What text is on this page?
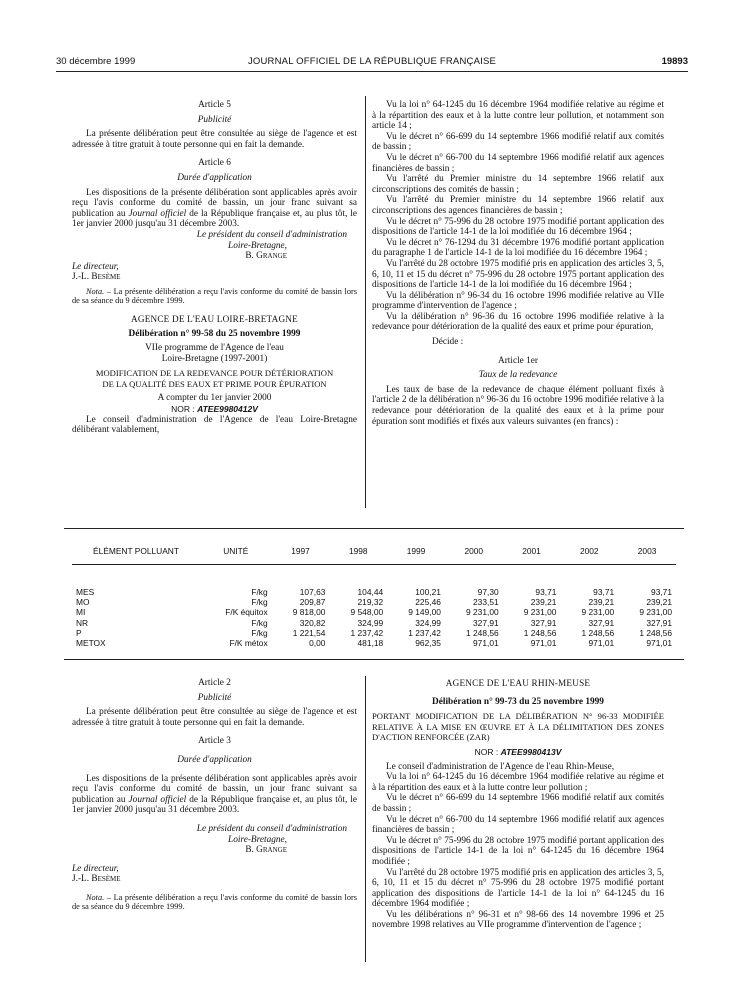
30 décembre 1999	JOURNAL OFFICIEL DE LA RÉPUBLIQUE FRANÇAISE	19893

Article 5

Publicité

La présente délibération peut être consultée au siège de l'agence et est adressée à titre gratuit à toute personne qui en fait la demande.

Article 6

Durée d'application

Les dispositions de la présente délibération sont applicables après avoir reçu l'avis conforme du comité de bassin, un jour franc suivant sa publication au Journal officiel de la République française et, au plus tôt, le 1er janvier 2000 jusqu'au 31 décembre 2003.

Le président du conseil d'administration

Loire-Bretagne,

B. Grange

Le directeur,

J.-L. Besème

Nota. – La présente délibération a reçu l'avis conforme du comité de bassin lors de sa séance du 9 décembre 1999.

AGENCE DE L'EAU LOIRE-BRETAGNE

Délibération n° 99-58 du 25 novembre 1999

VIIe programme de l'Agence de l'eau

Loire-Bretagne (1997-2001)

MODIFICATION DE LA REDEVANCE POUR DÉTÉRIORATION

DE LA QUALITÉ DES EAUX ET PRIME POUR ÉPURATION

A compter du 1er janvier 2000

NOR : ATEE9980412V

Le conseil d'administration de l'Agence de l'eau Loire-Bretagne délibérant valablement,

Vu la loi n° 64-1245 du 16 décembre 1964 modifiée relative au régime et à la répartition des eaux et à la lutte contre leur pollution, et notamment son article 14 ;

Vu le décret n° 66-699 du 14 septembre 1966 modifié relatif aux comités de bassin ;

Vu le décret n° 66-700 du 14 septembre 1966 modifié relatif aux agences financières de bassin ;

Vu l'arrêté du Premier ministre du 14 septembre 1966 relatif aux circonscriptions des comités de bassin ;

Vu l'arrêté du Premier ministre du 14 septembre 1966 relatif aux circonscriptions des agences financières de bassin ;

Vu le décret n° 75-996 du 28 octobre 1975 modifié portant application des dispositions de l'article 14-1 de la loi modifiée du 16 décembre 1964 ;

Vu le décret n° 76-1294 du 31 décembre 1976 modifié portant application du paragraphe 1 de l'article 14-1 de la loi modifiée du 16 décembre 1964 ;

Vu l'arrêté du 28 octobre 1975 modifié pris en application des articles 3, 5, 6, 10, 11 et 15 du décret n° 75-996 du 28 octobre 1975 portant application des dispositions de l'article 14-1 de la loi modifiée du 16 décembre 1964 ;

Vu la délibération n° 96-34 du 16 octobre 1996 modifiée relative au VIIe programme d'intervention de l'agence ;

Vu la délibération n° 96-36 du 16 octobre 1996 modifiée relative à la redevance pour détérioration de la qualité des eaux et prime pour épuration,

Décide :

Article 1er

Taux de la redevance

Les taux de base de la redevance de chaque élément polluant fixés à l'article 2 de la délibération n° 96-36 du 16 octobre 1996 modifiée relative à la redevance pour détérioration de la qualité des eaux et à la prime pour épuration sont modifiés et fixés aux valeurs suivantes (en francs) :

ÉLÉMENT POLLUANT	UNITÉ	1997	1998	1999	2000	2001	2002	2003
MES	F/kg	107,63	104,44	100,21	97,30	93,71	93,71	93,71
MO	F/kg	209,87	219,32	225,46	233,51	239,21	239,21	239,21
MI	F/K équitox	9 818,00	9 548,00	9 149,00	9 231,00	9 231,00	9 231,00	9 231,00
NR	F/kg	320,82	324,99	324,99	327,91	327,91	327,91	327,91
P	F/kg	1 221,54	1 237,42	1 237,42	1 248,56	1 248,56	1 248,56	1 248,56
METOX	F/K métox	0,00	481,18	962,35	971,01	971,01	971,01	971,01

Article 2

Publicité

La présente délibération peut être consultée au siège de l'agence et est adressée à titre gratuit à toute personne qui en fait la demande.

Article 3

Durée d'application

Les dispositions de la présente délibération sont applicables après avoir reçu l'avis conforme du comité de bassin, un jour franc suivant sa publication au Journal officiel de la République française et, au plus tôt, le 1er janvier 2000 jusqu'au 31 décembre 2003.

Le président du conseil d'administration

Loire-Bretagne,

B. Grange

Le directeur,

J.-L. Besème

Nota. – La présente délibération a reçu l'avis conforme du comité de bassin lors de sa séance du 9 décembre 1999.

AGENCE DE L'EAU RHIN-MEUSE

Délibération n° 99-73 du 25 novembre 1999

PORTANT MODIFICATION DE LA DÉLIBÉRATION N° 96-33 MODIFIÉE RELATIVE À LA MISE EN ŒUVRE ET À LA DÉLIMITATION DES ZONES D'ACTION RENFORCÉE (ZAR)

NOR : ATEE9980413V

Le conseil d'administration de l'Agence de l'eau Rhin-Meuse,

Vu la loi n° 64-1245 du 16 décembre 1964 modifiée relative au régime et à la répartition des eaux et à la lutte contre leur pollution ;

Vu le décret n° 66-699 du 14 septembre 1966 modifié relatif aux comités de bassin ;

Vu le décret n° 66-700 du 14 septembre 1966 modifié relatif aux agences financières de bassin ;

Vu le décret n° 75-996 du 28 octobre 1975 modifié portant application des dispositions de l'article 14-1 de la loi n° 64-1245 du 16 décembre 1964 modifiée ;

Vu l'arrêté du 28 octobre 1975 modifié pris en application des articles 3, 5, 6, 10, 11 et 15 du décret n° 75-996 du 28 octobre 1975 modifié portant application des dispositions de l'article 14-1 de la loi n° 64-1245 du 16 décembre 1964 modifiée ;

Vu les délibérations n° 96-31 et n° 98-66 des 14 novembre 1996 et 25 novembre 1998 relatives au VIIe programme d'intervention de l'agence ;
